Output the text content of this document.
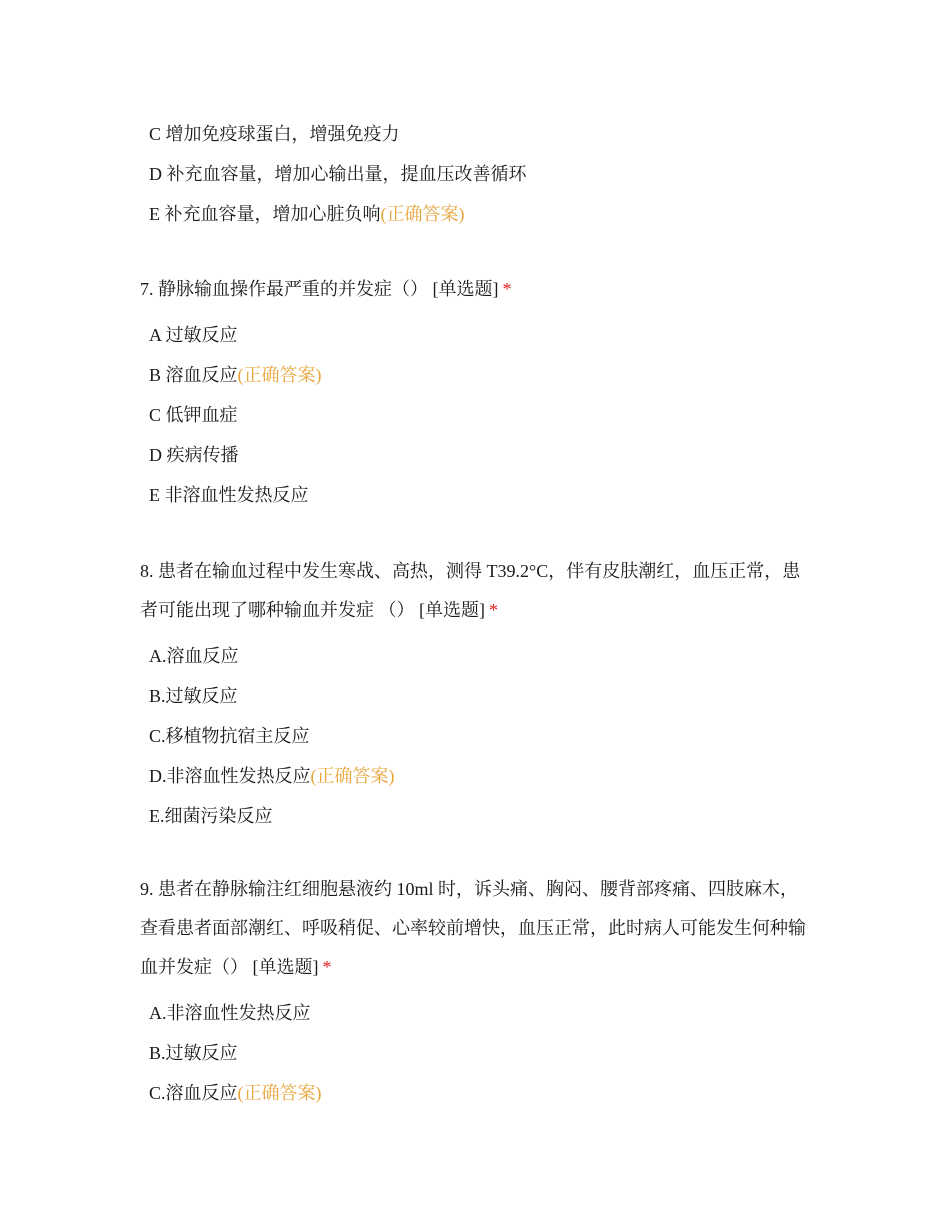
C 增加免疫球蛋白，增强免疫力
D 补充血容量，增加心输出量，提血压改善循环
E 补充血容量，增加心脏负响(正确答案)

7. 静脉输血操作最严重的并发症（） [单选题] *

A 过敏反应
B 溶血反应(正确答案)
C 低钾血症
D 疾病传播
E 非溶血性发热反应

8. 患者在输血过程中发生寒战、高热，测得 T39.2°C，伴有皮肤潮红，血压正常，患者可能出现了哪种输血并发症 （） [单选题] *

A.溶血反应
B.过敏反应
C.移植物抗宿主反应
D.非溶血性发热反应(正确答案)
E.细菌污染反应

9. 患者在静脉输注红细胞悬液约 10ml 时，诉头痛、胸闷、腰背部疼痛、四肢麻木，查看患者面部潮红、呼吸稍促、心率较前增快，血压正常，此时病人可能发生何种输血并发症（） [单选题] *

A.非溶血性发热反应
B.过敏反应
C.溶血反应(正确答案)
